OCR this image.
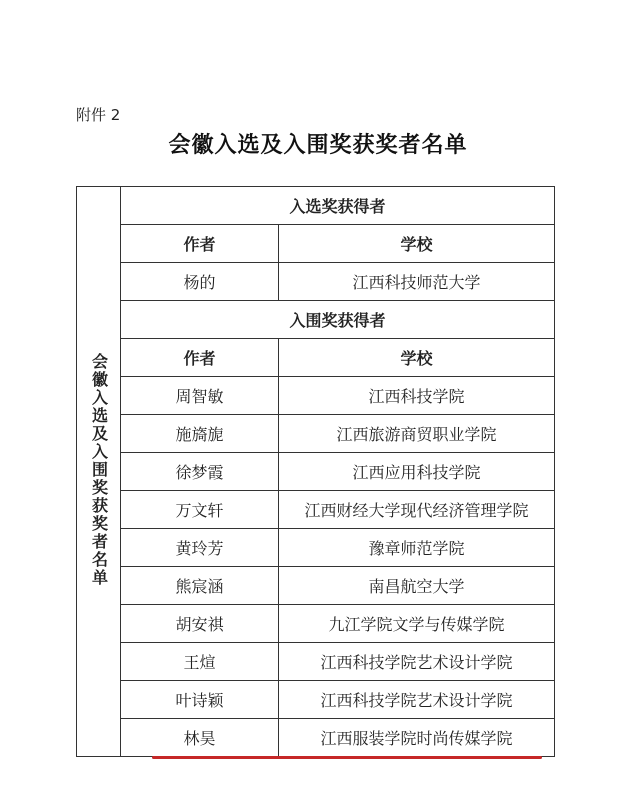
附件 2
会徽入选及入围奖获奖者名单
会徽入选及入围奖获奖者名单	入选奖获得者	
	作者	学校
	杨的	江西科技师范大学
	入围奖获得者	
	作者	学校
	周智敏	江西科技学院
	施旖旎	江西旅游商贸职业学院
	徐梦霞	江西应用科技学院
	万文轩	江西财经大学现代经济管理学院
	黄玲芳	豫章师范学院
	熊宸涵	南昌航空大学
	胡安祺	九江学院文学与传媒学院
	王煊	江西科技学院艺术设计学院
	叶诗颖	江西科技学院艺术设计学院
	林昊	江西服装学院时尚传媒学院
